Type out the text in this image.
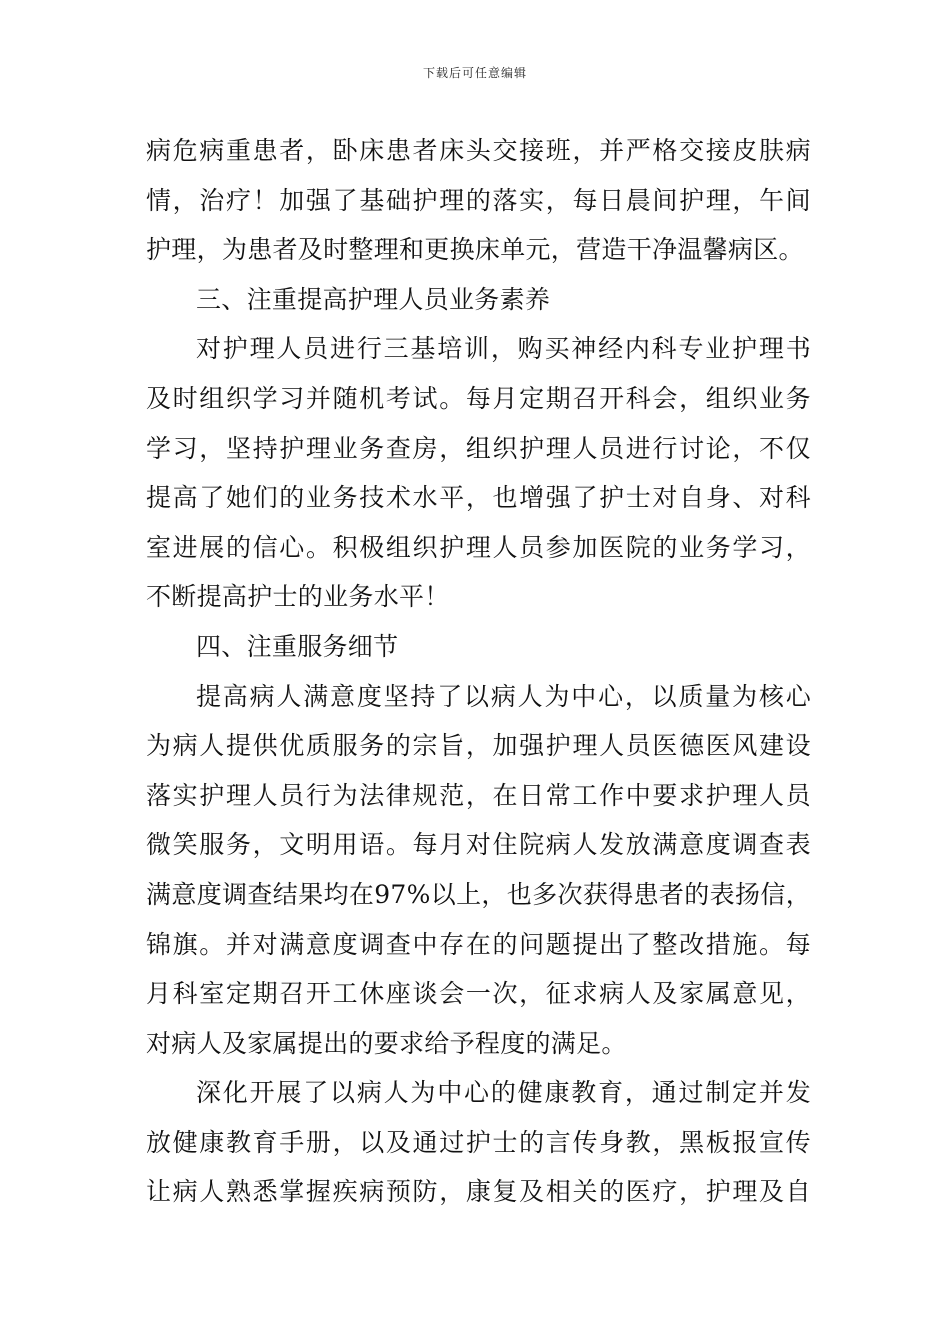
下载后可任意编辑
病危病重患者，卧床患者床头交接班，并严格交接皮肤病
情，治疗！加强了基础护理的落实，每日晨间护理，午间
护理，为患者及时整理和更换床单元，营造干净温馨病区。
三、注重提高护理人员业务素养
对护理人员进行三基培训，购买神经内科专业护理书
及时组织学习并随机考试。每月定期召开科会，组织业务
学习，坚持护理业务查房，组织护理人员进行讨论，不仅
提高了她们的业务技术水平，也增强了护士对自身、对科
室进展的信心。积极组织护理人员参加医院的业务学习，
不断提高护士的业务水平！
四、注重服务细节
提高病人满意度坚持了以病人为中心，以质量为核心
为病人提供优质服务的宗旨，加强护理人员医德医风建设
落实护理人员行为法律规范，在日常工作中要求护理人员
微笑服务，文明用语。每月对住院病人发放满意度调查表
满意度调查结果均在97%以上，也多次获得患者的表扬信，
锦旗。并对满意度调查中存在的问题提出了整改措施。每
月科室定期召开工休座谈会一次，征求病人及家属意见，
对病人及家属提出的要求给予程度的满足。
深化开展了以病人为中心的健康教育，通过制定并发
放健康教育手册，以及通过护士的言传身教，黑板报宣传
让病人熟悉掌握疾病预防，康复及相关的医疗，护理及自
